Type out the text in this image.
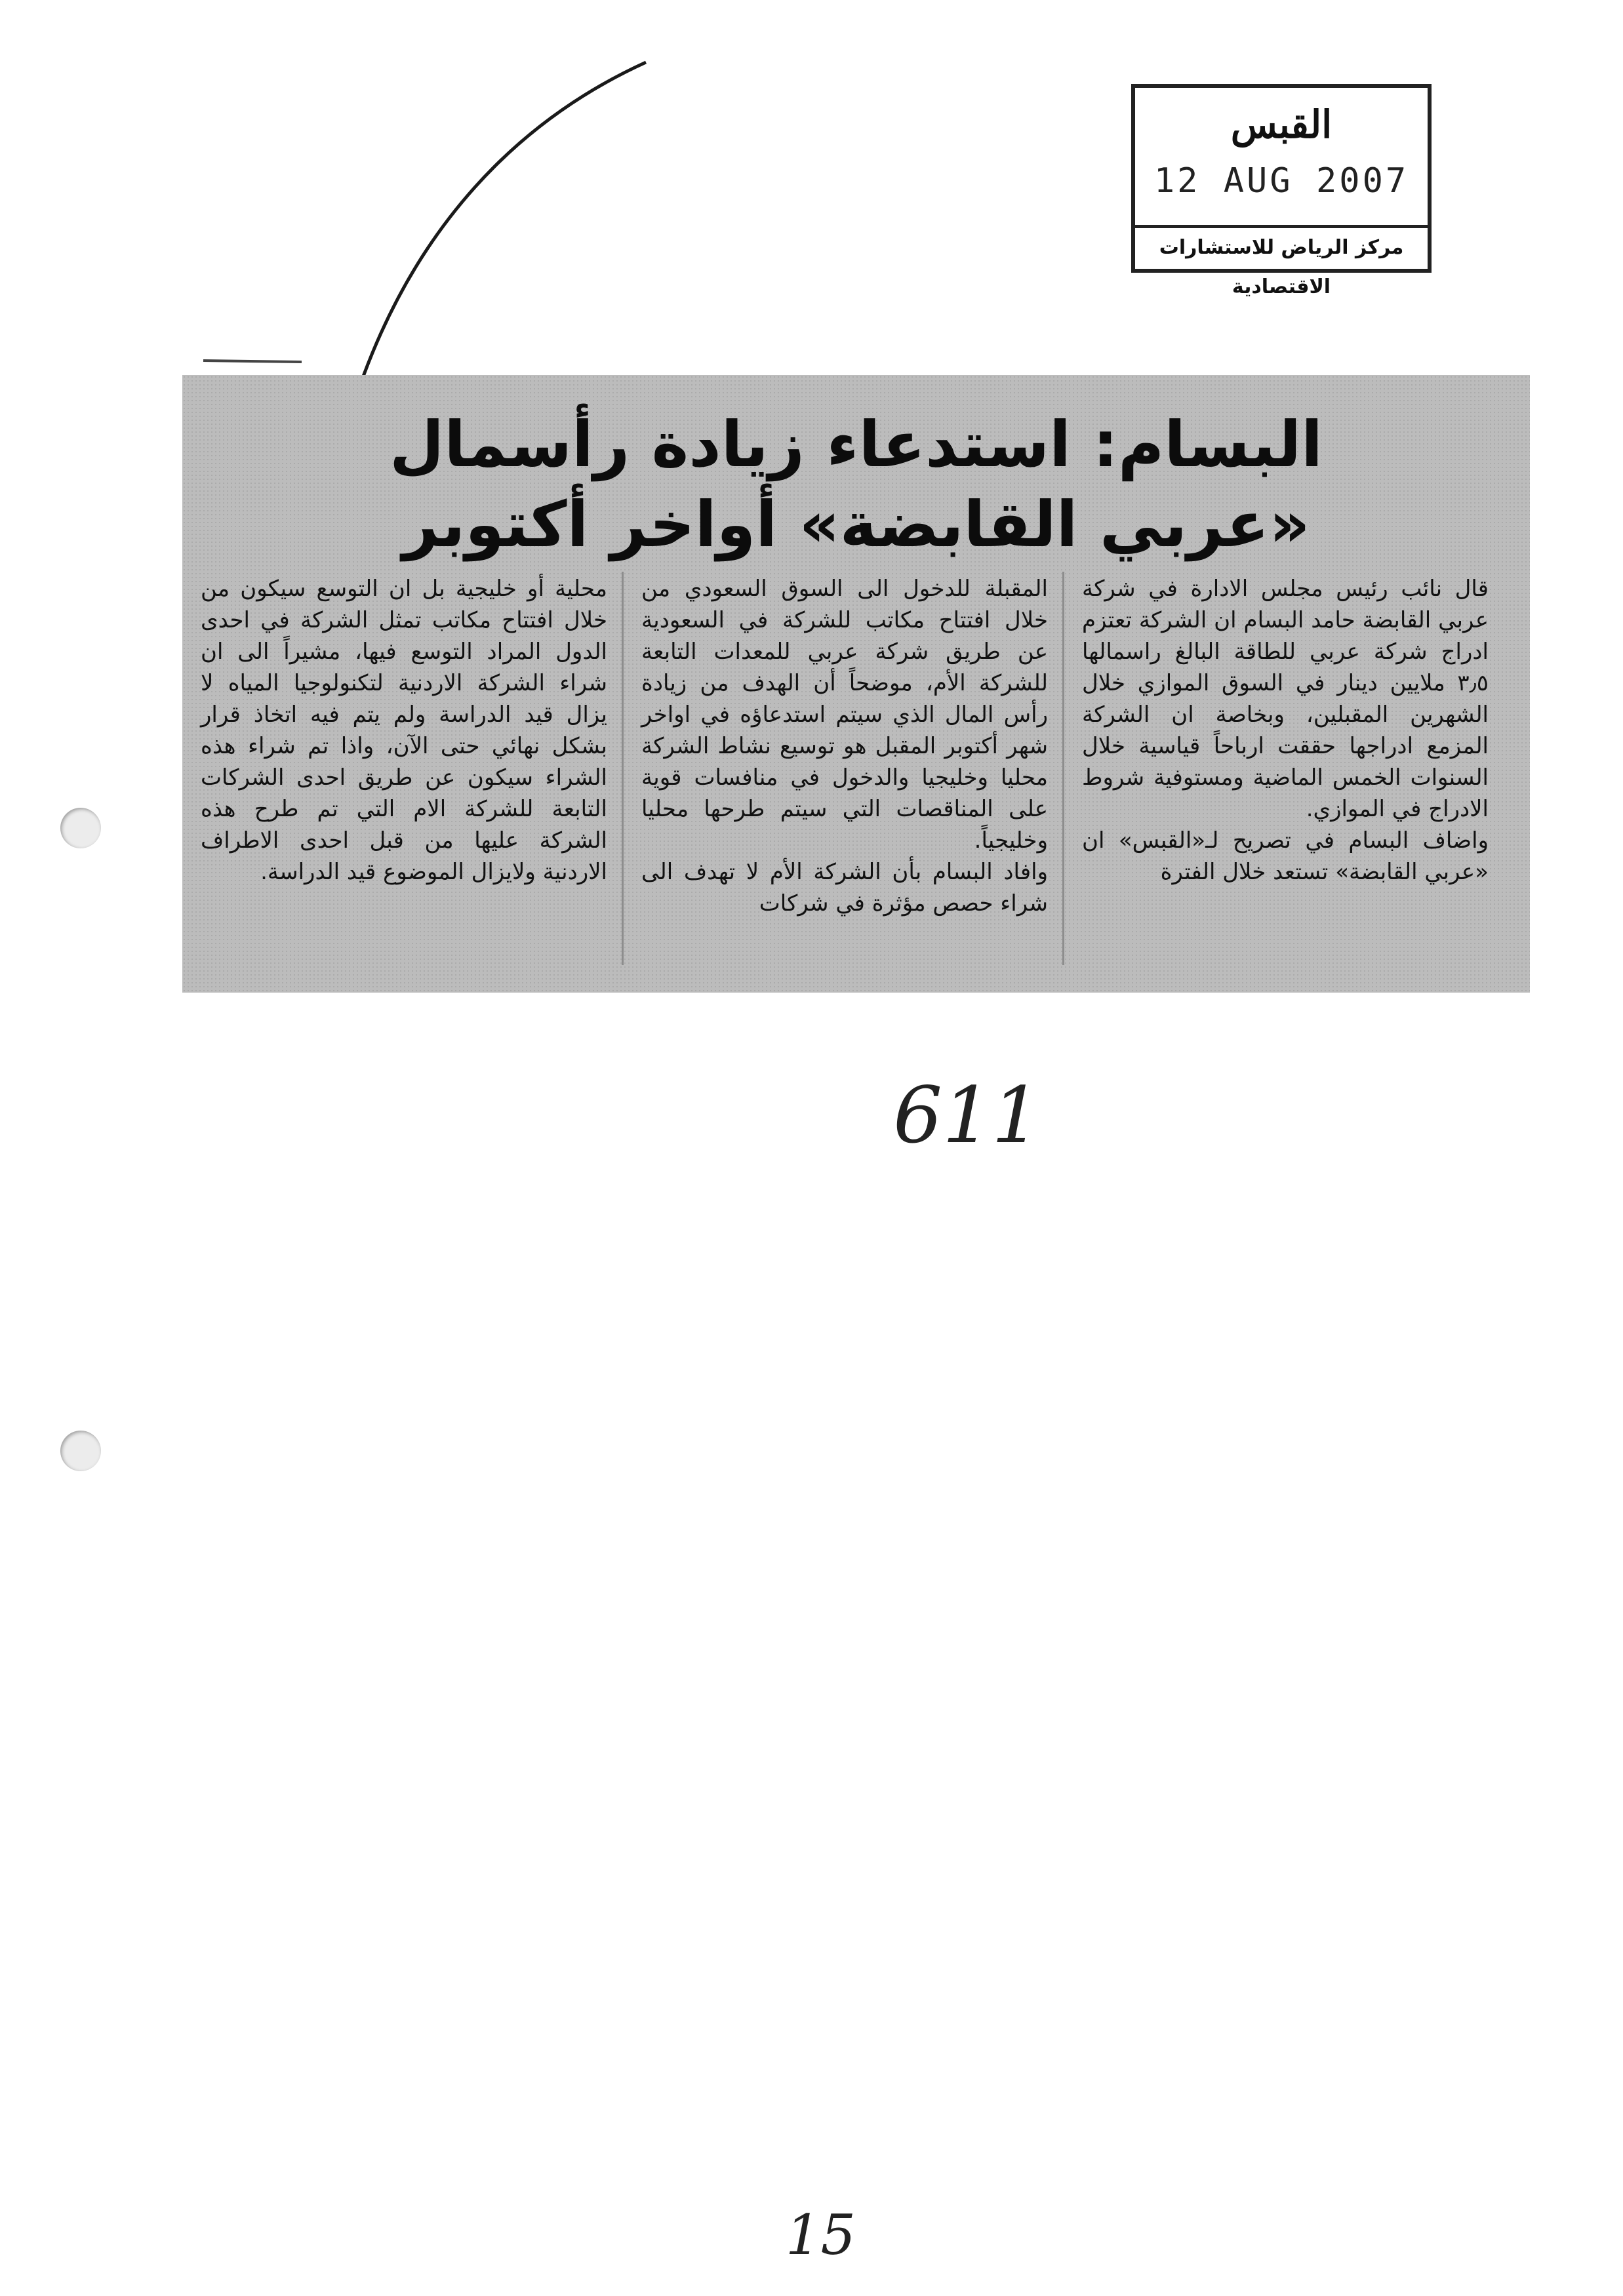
القبس
12 AUG 2007
مركز الرياض للاستشارات الاقتصادية
البسام: استدعاء زيادة رأسمال
«عربي القابضة» أواخر أكتوبر

قال نائب رئيس مجلس الادارة في شركة عربي القابضة حامد البسام ان الشركة تعتزم ادراج شركة عربي للطاقة البالغ راسمالها ٣٫٥ ملايين دينار في السوق الموازي خلال الشهرين المقبلين، وبخاصة ان الشركة المزمع ادراجها حققت ارباحاً قياسية خلال السنوات الخمس الماضية ومستوفية شروط الادراج في الموازي.
واضاف البسام في تصريح لـ«القبس» ان «عربي القابضة» تستعد خلال الفترة

المقبلة للدخول الى السوق السعودي من خلال افتتاح مكاتب للشركة في السعودية عن طريق شركة عربي للمعدات التابعة للشركة الأم، موضحاً أن الهدف من زيادة رأس المال الذي سيتم استدعاؤه في اواخر شهر أكتوبر المقبل هو توسيع نشاط الشركة محليا وخليجيا والدخول في منافسات قوية على المناقصات التي سيتم طرحها محليا وخليجياً.
وافاد البسام بأن الشركة الأم لا تهدف الى شراء حصص مؤثرة في شركات

محلية أو خليجية بل ان التوسع سيكون من خلال افتتاح مكاتب تمثل الشركة في احدى الدول المراد التوسع فيها، مشيراً الى ان شراء الشركة الاردنية لتكنولوجيا المياه لا يزال قيد الدراسة ولم يتم فيه اتخاذ قرار بشكل نهائي حتى الآن، واذا تم شراء هذه الشراء سيكون عن طريق احدى الشركات التابعة للشركة الام التي تم طرح هذه الشركة عليها من قبل احدى الاطراف الاردنية ولايزال الموضوع قيد الدراسة.

611
15
